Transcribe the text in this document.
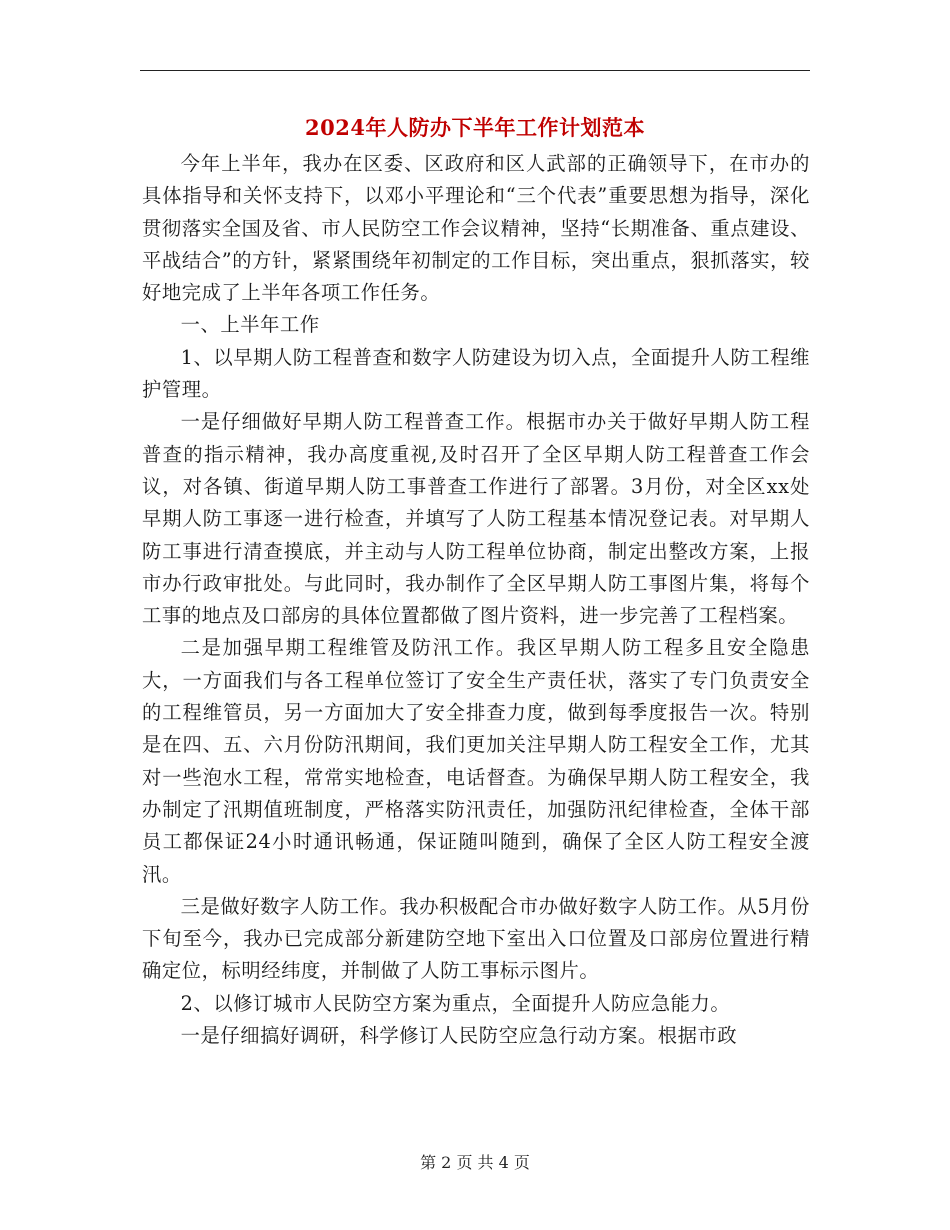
2024年人防办下半年工作计划范本

今年上半年，我办在区委、区政府和区人武部的正确领导下，在市办的具体指导和关怀支持下，以邓小平理论和“三个代表”重要思想为指导，深化贯彻落实全国及省、市人民防空工作会议精神，坚持“长期准备、重点建设、平战结合”的方针，紧紧围绕年初制定的工作目标，突出重点，狠抓落实，较好地完成了上半年各项工作任务。

一、上半年工作

1、以早期人防工程普查和数字人防建设为切入点，全面提升人防工程维护管理。

一是仔细做好早期人防工程普查工作。根据市办关于做好早期人防工程普查的指示精神，我办高度重视,及时召开了全区早期人防工程普查工作会议，对各镇、街道早期人防工事普查工作进行了部署。3月份，对全区xx处早期人防工事逐一进行检查，并填写了人防工程基本情况登记表。对早期人防工事进行清查摸底，并主动与人防工程单位协商，制定出整改方案，上报市办行政审批处。与此同时，我办制作了全区早期人防工事图片集，将每个工事的地点及口部房的具体位置都做了图片资料，进一步完善了工程档案。

二是加强早期工程维管及防汛工作。我区早期人防工程多且安全隐患大，一方面我们与各工程单位签订了安全生产责任状，落实了专门负责安全的工程维管员，另一方面加大了安全排查力度，做到每季度报告一次。特别是在四、五、六月份防汛期间，我们更加关注早期人防工程安全工作，尤其对一些泡水工程，常常实地检查，电话督查。为确保早期人防工程安全，我办制定了汛期值班制度，严格落实防汛责任，加强防汛纪律检查，全体干部员工都保证24小时通讯畅通，保证随叫随到，确保了全区人防工程安全渡汛。

三是做好数字人防工作。我办积极配合市办做好数字人防工作。从5月份下旬至今，我办已完成部分新建防空地下室出入口位置及口部房位置进行精确定位，标明经纬度，并制做了人防工事标示图片。

2、以修订城市人民防空方案为重点，全面提升人防应急能力。

一是仔细搞好调研，科学修订人民防空应急行动方案。根据市政

第 2 页 共 4 页
